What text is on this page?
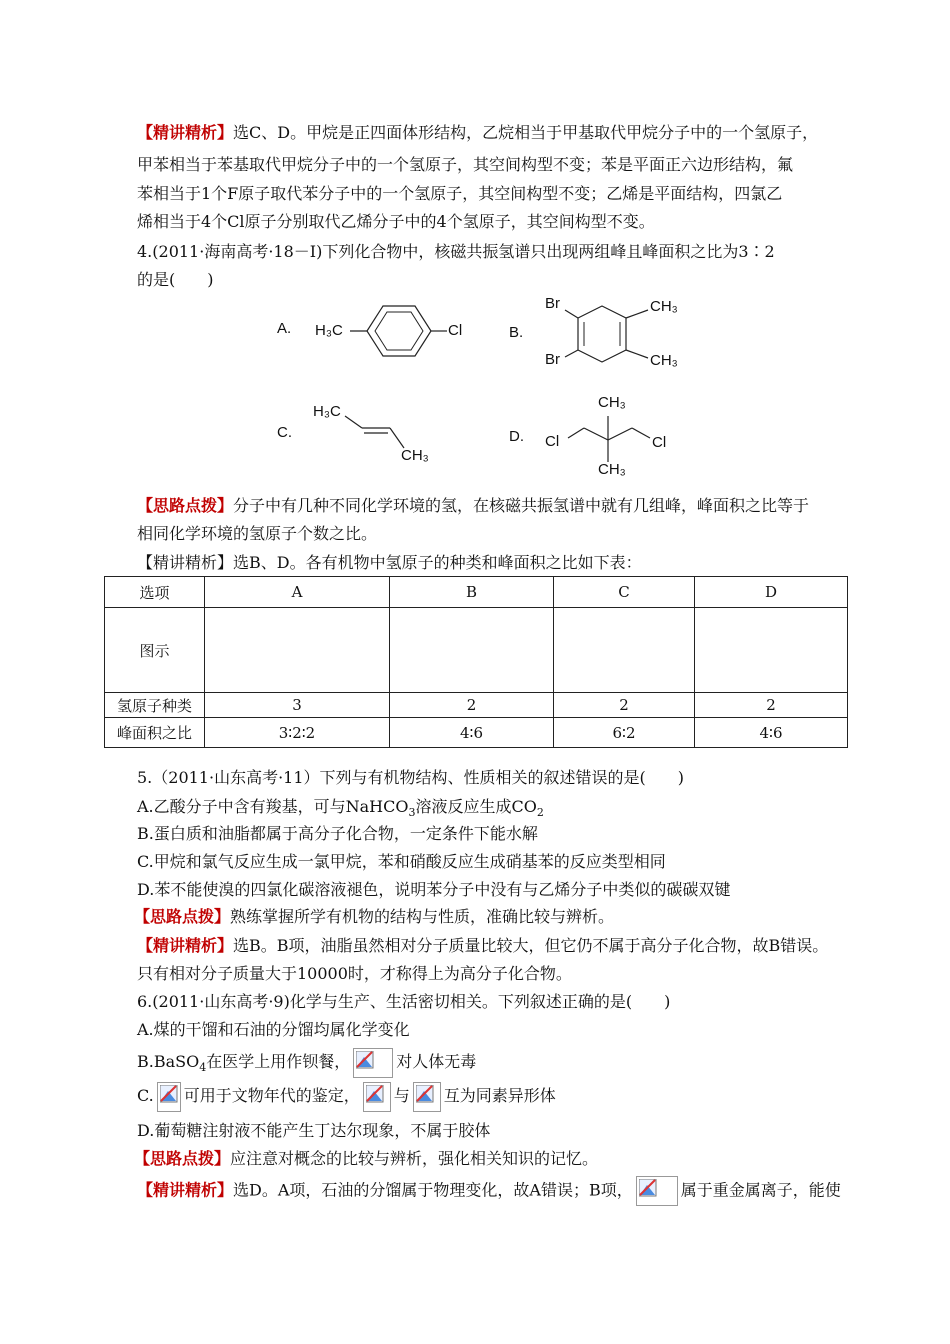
【精讲精析】选C、D。甲烷是正四面体形结构，乙烷相当于甲基取代甲烷分子中的一个氢原子，
甲苯相当于苯基取代甲烷分子中的一个氢原子，其空间构型不变；苯是平面正六边形结构，氟
苯相当于1个F原子取代苯分子中的一个氢原子，其空间构型不变；乙烯是平面结构，四氯乙
烯相当于4个Cl原子分别取代乙烯分子中的4个氢原子，其空间构型不变。
4.(2011·海南高考·18－I)下列化合物中，核磁共振氢谱只出现两组峰且峰面积之比为3∶2
的是(　　)
A. H₃C	Cl	B.
Br
Br
CH₃
CH₃
C.
H₃C
CH₃
D.
CH₃
CH₃
Cl	Cl
【思路点拨】分子中有几种不同化学环境的氢，在核磁共振氢谱中就有几组峰，峰面积之比等于
相同化学环境的氢原子个数之比。
【精讲精析】选B、D。各有机物中氢原子的种类和峰面积之比如下表：
选项	A	B	C	D
图示				
氢原子种类	3	2	2	2
峰面积之比	3∶2∶2	4∶6	6∶2	4∶6
5.（2011·山东高考·11）下列与有机物结构、性质相关的叙述错误的是(　　)
A.乙酸分子中含有羧基，可与NaHCO$_3$溶液反应生成$CO_2$
B.蛋白质和油脂都属于高分子化合物，一定条件下能水解
C.甲烷和氯气反应生成一氯甲烷，苯和硝酸反应生成硝基苯的反应类型相同
D.苯不能使溴的四氯化碳溶液褪色，说明苯分子中没有与乙烯分子中类似的碳碳双键
【思路点拨】熟练掌握所学有机物的结构与性质，准确比较与辨析。
【精讲精析】选B。B项，油脂虽然相对分子质量比较大，但它仍不属于高分子化合物，故B错误。
只有相对分子质量大于10000时，才称得上为高分子化合物。
6.(2011·山东高考·9)化学与生产、生活密切相关。下列叙述正确的是(　　)
A.煤的干馏和石油的分馏均属化学变化
B.BaSO$_4$在医学上用作钡餐，	对人体无毒
C. 可用于文物年代的鉴定， 与 互为同素异形体
D.葡萄糖注射液不能产生丁达尔现象，不属于胶体
【思路点拨】应注意对概念的比较与辨析，强化相关知识的记忆。
【精讲精析】选D。A项，石油的分馏属于物理变化，故A错误；B项，	属于重金属离子，能使
